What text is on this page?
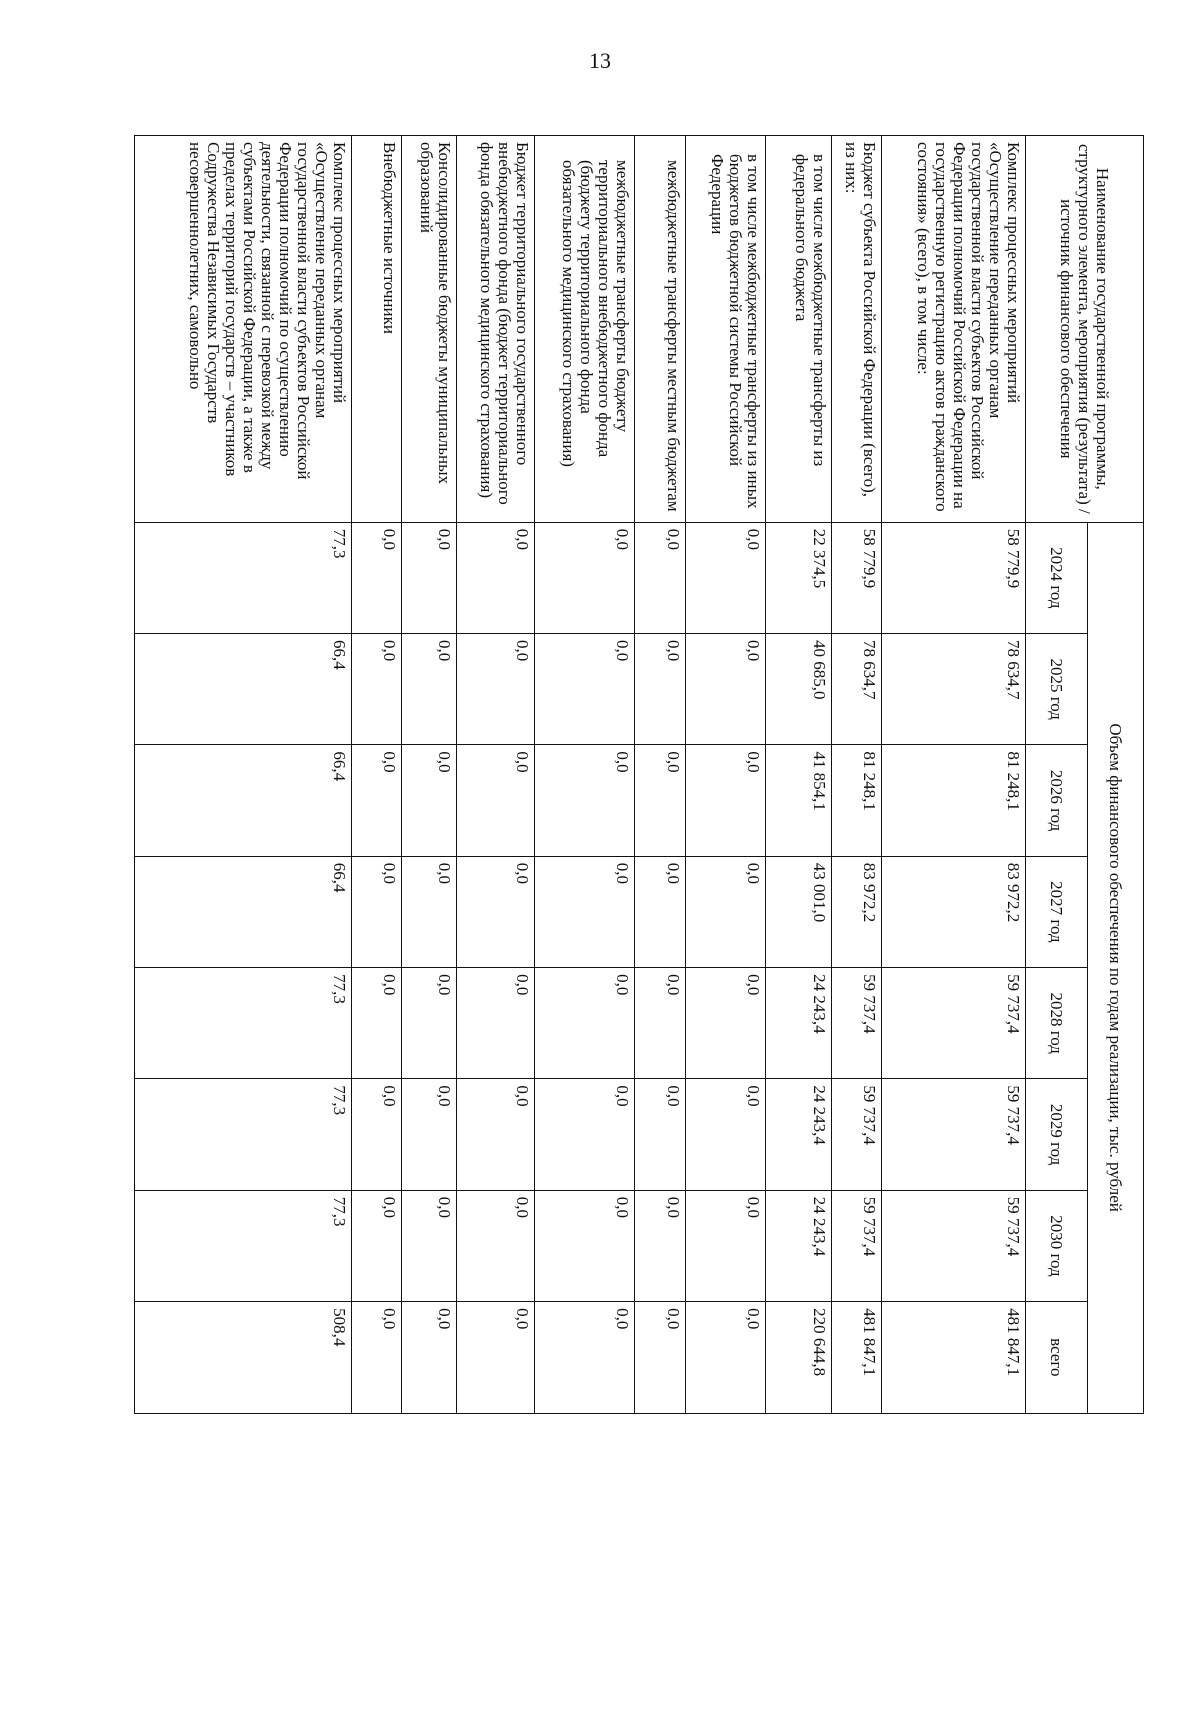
13
Наименование государственной программы, структурного элемента, мероприятия (результата) / источник финансового обеспечения	Объем финансового обеспечения по годам реализации, тыс. рублей								
	2024 год	2025 год	2026 год	2027 год	2028 год	2029 год	2030 год	всего	
Комплекс процессных мероприятий «Осуществление переданных органам государственной власти субъектов Российской Федерации полномочий Российской Федерации на государственную регистрацию актов гражданского состояния» (всего), в том числе:	58 779,9	78 634,7	81 248,1	83 972,2	59 737,4	59 737,4	59 737,4	481 847,1	
Бюджет субъекта Российской Федерации (всего), из них:	58 779,9	78 634,7	81 248,1	83 972,2	59 737,4	59 737,4	59 737,4	481 847,1	
в том числе межбюджетные трансферты из федерального бюджета	22 374,5	40 685,0	41 854,1	43 001,0	24 243,4	24 243,4	24 243,4	220 644,8	
в том числе межбюджетные трансферты из иных бюджетов бюджетной системы Российской Федерации	0,0	0,0	0,0	0,0	0,0	0,0	0,0	0,0	
межбюджетные трансферты местным бюджетам	0,0	0,0	0,0	0,0	0,0	0,0	0,0	0,0	
межбюджетные трансферты бюджету территориального внебюджетного фонда (бюджету территориального фонда обязательного медицинского страхования)	0,0	0,0	0,0	0,0	0,0	0,0	0,0	0,0	
Бюджет территориального государственного внебюджетного фонда (бюджет территориального фонда обязательного медицинского страхования)	0,0	0,0	0,0	0,0	0,0	0,0	0,0	0,0	
Консолидированные бюджеты муниципальных образований	0,0	0,0	0,0	0,0	0,0	0,0	0,0	0,0	
Внебюджетные источники	0,0	0,0	0,0	0,0	0,0	0,0	0,0	0,0	
Комплекс процессных мероприятий «Осуществление переданных органам государственной власти субъектов Российской Федерации полномочий по осуществлению деятельности, связанной с перевозкой между субъектами Российской Федерации, а также в пределах территорий государств – участников Содружества Независимых Государств несовершеннолетних, самовольно	77,3	66,4	66,4	66,4	77,3	77,3	77,3	508,4	
